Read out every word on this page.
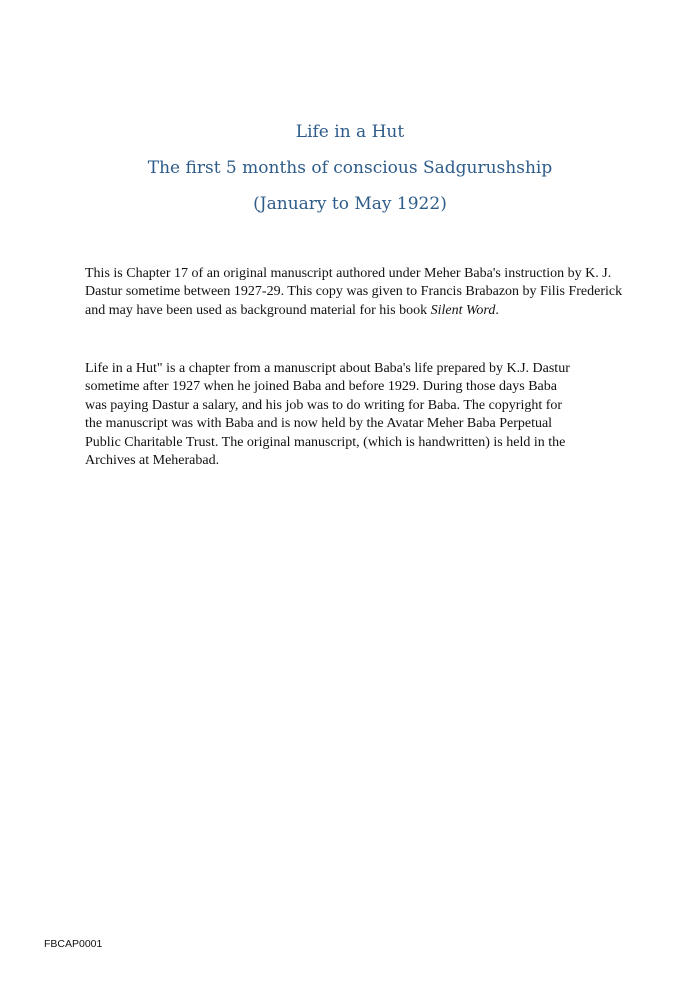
Life in a Hut

The first 5 months of conscious Sadgurushship

(January to May 1922)

This is Chapter 17 of an original manuscript authored under Meher Baba's instruction by K. J.
Dastur sometime between 1927-29. This copy was given to Francis Brabazon by Filis Frederick
and may have been used as background material for his book Silent Word.

Life in a Hut" is a chapter from a manuscript about Baba's life prepared by K.J. Dastur
sometime after 1927 when he joined Baba and before 1929. During those days Baba
was paying Dastur a salary, and his job was to do writing for Baba. The copyright for
the manuscript was with Baba and is now held by the Avatar Meher Baba Perpetual
Public Charitable Trust. The original manuscript, (which is handwritten) is held in the
Archives at Meherabad.

FBCAP0001
